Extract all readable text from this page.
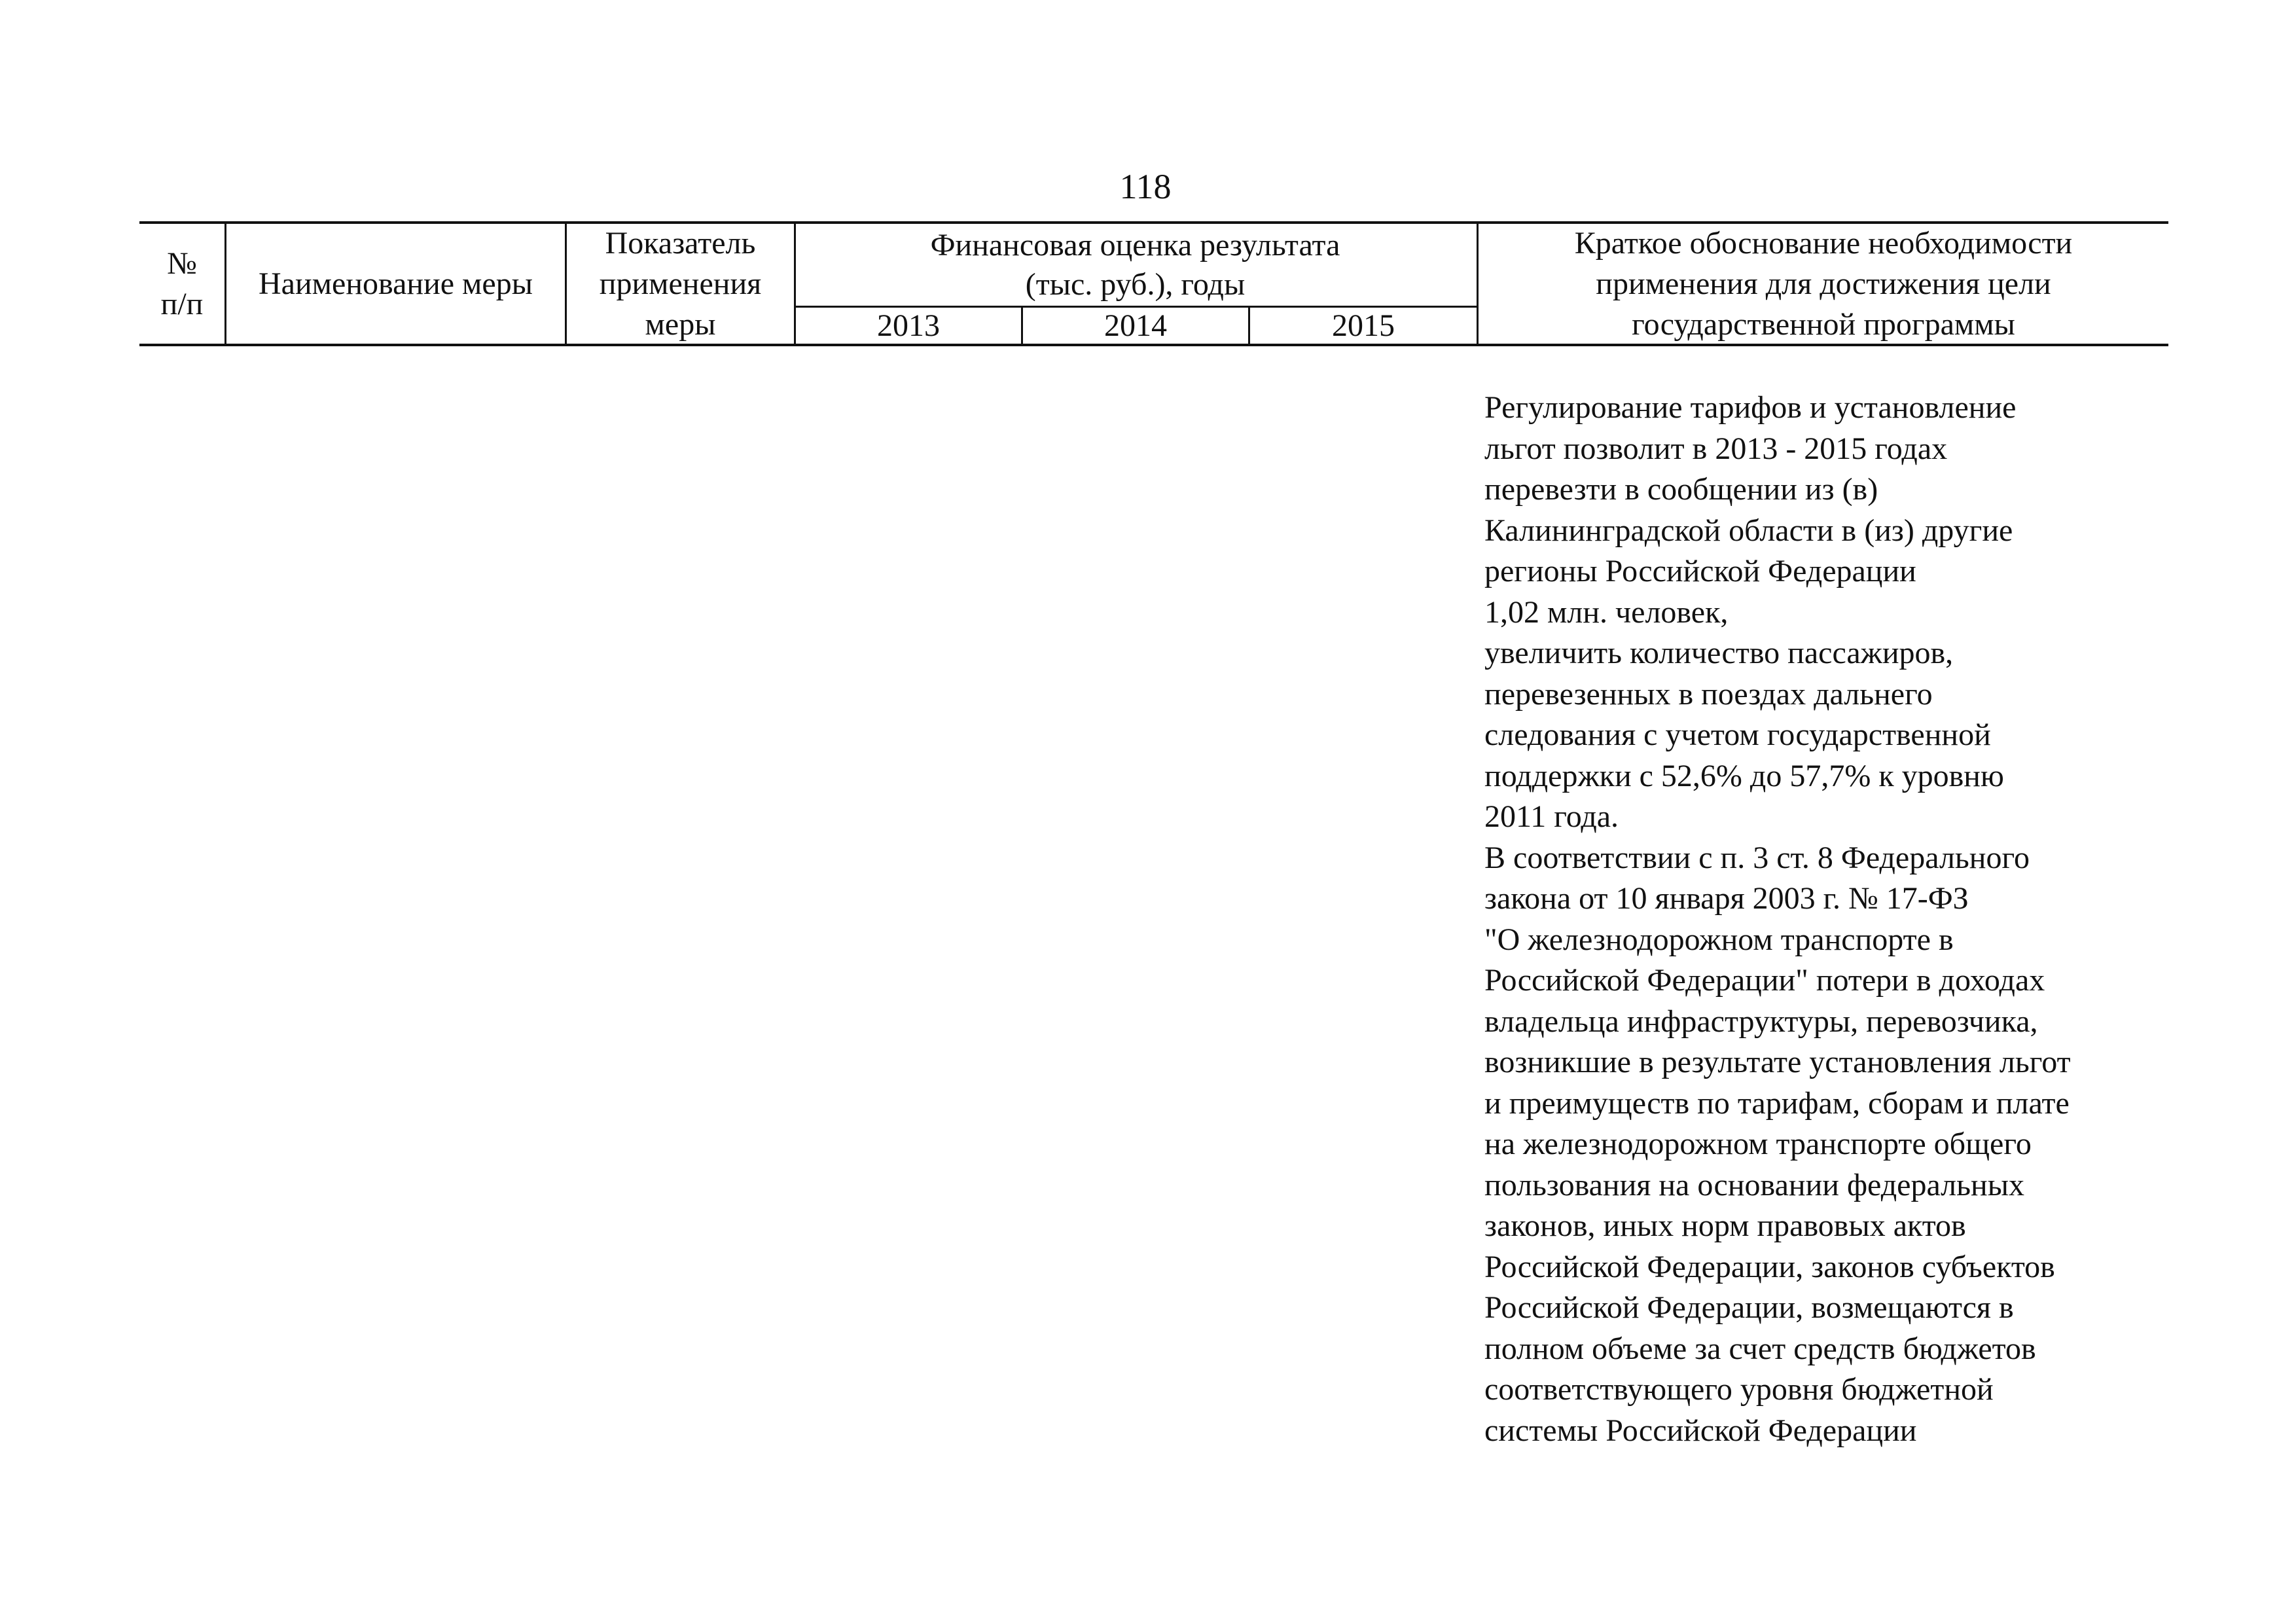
118
№
п/п
Наименование меры
Показатель
применения
меры
Финансовая оценка результата
(тыс. руб.), годы
2013	2014	2015
Краткое обоснование необходимости
применения для достижения цели
государственной программы
Регулирование тарифов и установление
льгот позволит в 2013 - 2015 годах
перевезти в сообщении из (в)
Калининградской области в (из) другие
регионы Российской Федерации
1,02 млн. человек,
увеличить количество пассажиров,
перевезенных в поездах дальнего
следования с учетом государственной
поддержки с 52,6% до 57,7% к уровню
2011 года.
В соответствии с п. 3 ст. 8 Федерального
закона от 10 января 2003 г. № 17-ФЗ
"О железнодорожном транспорте в
Российской Федерации" потери в доходах
владельца инфраструктуры, перевозчика,
возникшие в результате установления льгот
и преимуществ по тарифам, сборам и плате
на железнодорожном транспорте общего
пользования на основании федеральных
законов, иных норм правовых актов
Российской Федерации, законов субъектов
Российской Федерации, возмещаются в
полном объеме за счет средств бюджетов
соответствующего уровня бюджетной
системы Российской Федерации
